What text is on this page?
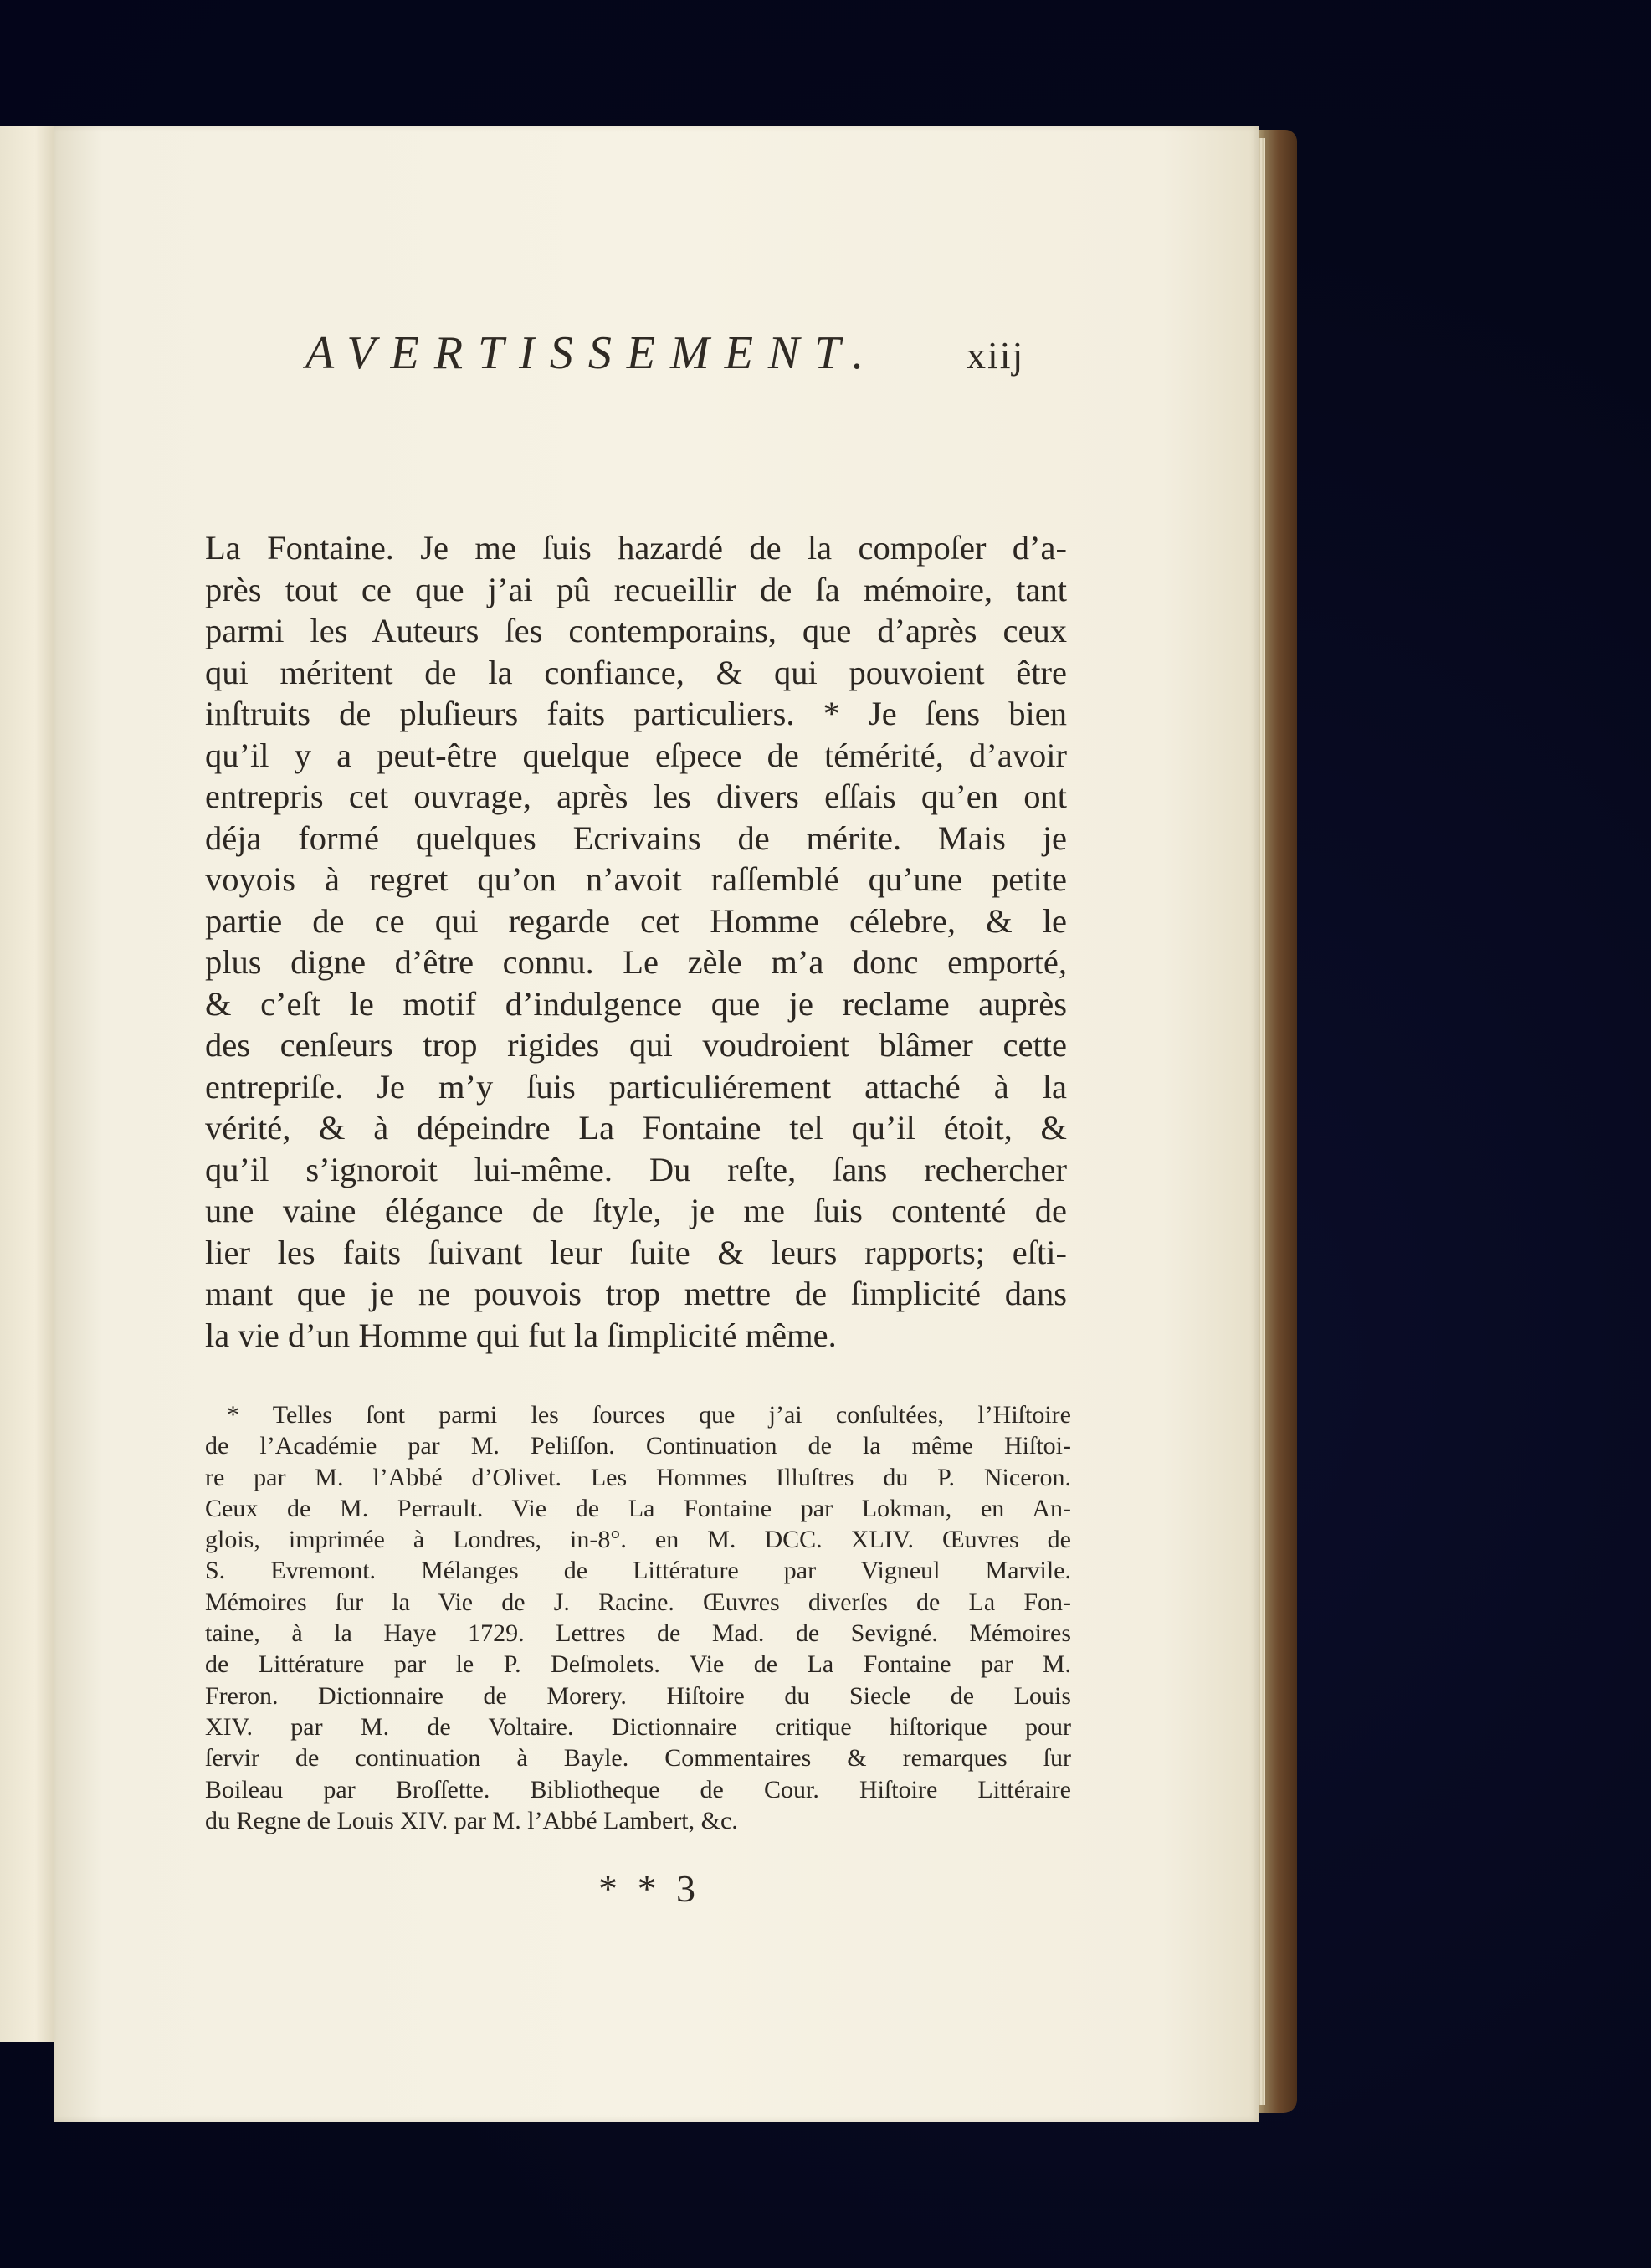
AVERTISSEMENT. xiij
La Fontaine. Je me ſuis hazardé de la compoſer d’a-
près tout ce que j’ai pû recueillir de ſa mémoire, tant
parmi les Auteurs ſes contemporains, que d’après ceux
qui méritent de la confiance, & qui pouvoient être
inſtruits de pluſieurs faits particuliers. * Je ſens bien
qu’il y a peut-être quelque eſpece de témérité, d’avoir
entrepris cet ouvrage, après les divers eſſais qu’en ont
déja formé quelques Ecrivains de mérite. Mais je
voyois à regret qu’on n’avoit raſſemblé qu’une petite
partie de ce qui regarde cet Homme célebre, & le
plus digne d’être connu. Le zèle m’a donc emporté,
& c’eſt le motif d’indulgence que je reclame auprès
des cenſeurs trop rigides qui voudroient blâmer cette
entrepriſe. Je m’y ſuis particuliérement attaché à la
vérité, & à dépeindre La Fontaine tel qu’il étoit, &
qu’il s’ignoroit lui-même. Du reſte, ſans rechercher
une vaine élégance de ſtyle, je me ſuis contenté de
lier les faits ſuivant leur ſuite & leurs rapports; eſti-
mant que je ne pouvois trop mettre de ſimplicité dans
la vie d’un Homme qui fut la ſimplicité même.
* Telles ſont parmi les ſources que j’ai conſultées, l’Hiſtoire
de l’Académie par M. Peliſſon. Continuation de la même Hiſtoi-
re par M. l’Abbé d’Olivet. Les Hommes Illuſtres du P. Niceron.
Ceux de M. Perrault. Vie de La Fontaine par Lokman, en An-
glois, imprimée à Londres, in-8°. en M. DCC. XLIV. Œuvres de
S. Evremont. Mélanges de Littérature par Vigneul Marvile.
Mémoires ſur la Vie de J. Racine. Œuvres diverſes de La Fon-
taine, à la Haye 1729. Lettres de Mad. de Sevigné. Mémoires
de Littérature par le P. Deſmolets. Vie de La Fontaine par M.
Freron. Dictionnaire de Morery. Hiſtoire du Siecle de Louis
XIV. par M. de Voltaire. Dictionnaire critique hiſtorique pour
ſervir de continuation à Bayle. Commentaires & remarques ſur
Boileau par Broſſette. Bibliotheque de Cour. Hiſtoire Littéraire
du Regne de Louis XIV. par M. l’Abbé Lambert, &c.
* * 3
